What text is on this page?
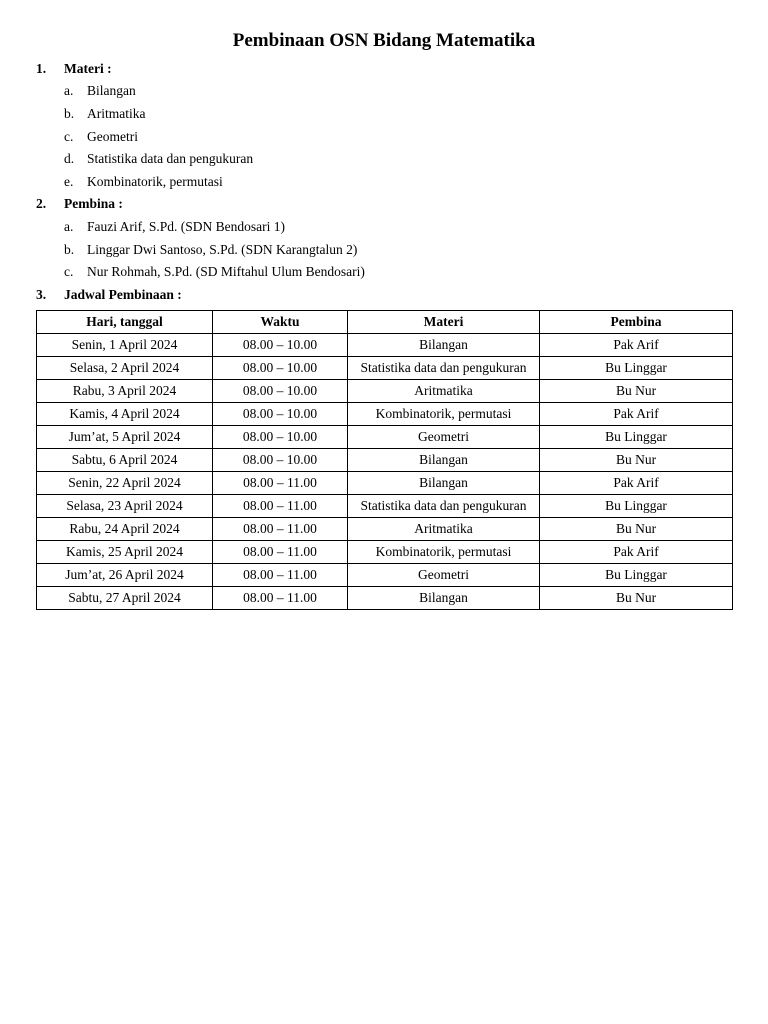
Pembinaan OSN Bidang Matematika
1. Materi :
a. Bilangan
b. Aritmatika
c. Geometri
d. Statistika data dan pengukuran
e. Kombinatorik, permutasi
2. Pembina :
a. Fauzi Arif, S.Pd. (SDN Bendosari 1)
b. Linggar Dwi Santoso, S.Pd. (SDN Karangtalun 2)
c. Nur Rohmah, S.Pd. (SD Miftahul Ulum Bendosari)
3. Jadwal Pembinaan :
Hari, tanggal	Waktu	Materi	Pembina
Senin, 1 April 2024	08.00 – 10.00	Bilangan	Pak Arif
Selasa, 2 April 2024	08.00 – 10.00	Statistika data dan pengukuran	Bu Linggar
Rabu, 3 April 2024	08.00 – 10.00	Aritmatika	Bu Nur
Kamis, 4 April 2024	08.00 – 10.00	Kombinatorik, permutasi	Pak Arif
Jum’at, 5 April 2024	08.00 – 10.00	Geometri	Bu Linggar
Sabtu, 6 April 2024	08.00 – 10.00	Bilangan	Bu Nur
Senin, 22 April 2024	08.00 – 11.00	Bilangan	Pak Arif
Selasa, 23 April 2024	08.00 – 11.00	Statistika data dan pengukuran	Bu Linggar
Rabu, 24 April 2024	08.00 – 11.00	Aritmatika	Bu Nur
Kamis, 25 April 2024	08.00 – 11.00	Kombinatorik, permutasi	Pak Arif
Jum’at, 26 April 2024	08.00 – 11.00	Geometri	Bu Linggar
Sabtu, 27 April 2024	08.00 – 11.00	Bilangan	Bu Nur
